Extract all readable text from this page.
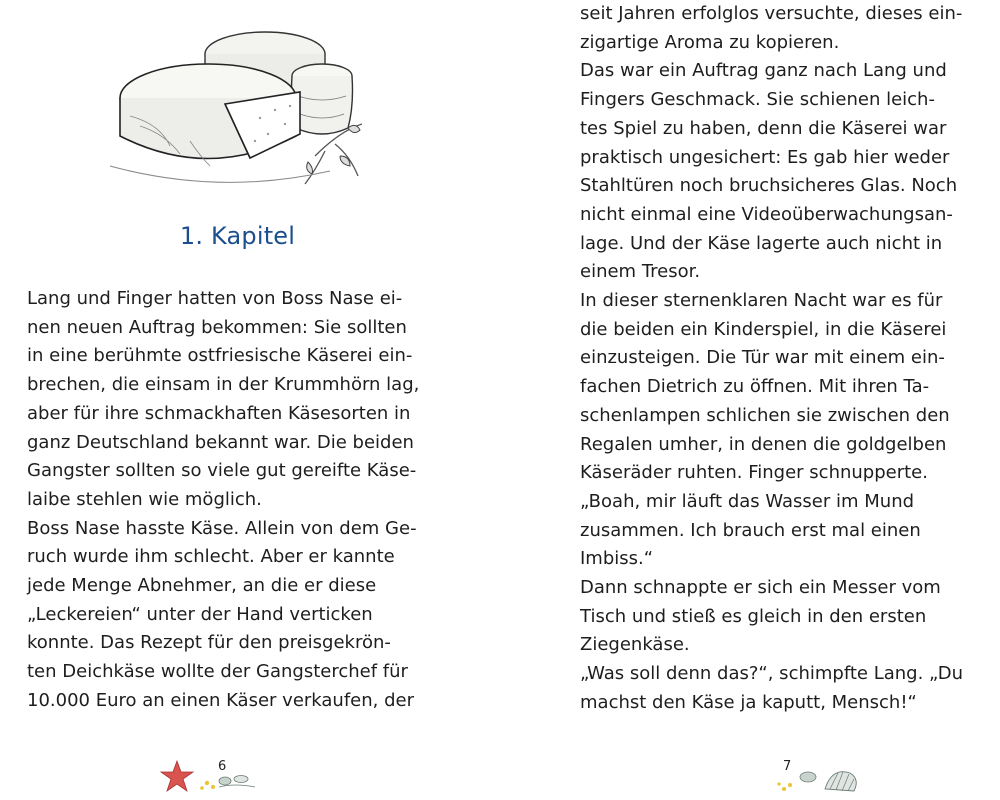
1. Kapitel
Lang und Finger hatten von Boss Nase ei-
nen neuen Auftrag bekommen: Sie sollten
in eine berühmte ostfriesische Käserei ein-
brechen, die einsam in der Krummhörn lag,
aber für ihre schmackhaften Käsesorten in
ganz Deutschland bekannt war. Die beiden
Gangster sollten so viele gut gereifte Käse-
laibe stehlen wie möglich.
Boss Nase hasste Käse. Allein von dem Ge-
ruch wurde ihm schlecht. Aber er kannte
jede Menge Abnehmer, an die er diese
„Leckereien“ unter der Hand verticken
konnte. Das Rezept für den preisgekrön-
ten Deichkäse wollte der Gangsterchef für
10.000 Euro an einen Käser verkaufen, der
6
seit Jahren erfolglos versuchte, dieses ein-
zigartige Aroma zu kopieren.
Das war ein Auftrag ganz nach Lang und
Fingers Geschmack. Sie schienen leich-
tes Spiel zu haben, denn die Käserei war
praktisch ungesichert: Es gab hier weder
Stahltüren noch bruchsicheres Glas. Noch
nicht einmal eine Videoüberwachungsan-
lage. Und der Käse lagerte auch nicht in
einem Tresor.
In dieser sternenklaren Nacht war es für
die beiden ein Kinderspiel, in die Käserei
einzusteigen. Die Tür war mit einem ein-
fachen Dietrich zu öffnen. Mit ihren Ta-
schenlampen schlichen sie zwischen den
Regalen umher, in denen die goldgelben
Käseräder ruhten. Finger schnupperte.
„Boah, mir läuft das Wasser im Mund
zusammen. Ich brauch erst mal einen
Imbiss.“
Dann schnappte er sich ein Messer vom
Tisch und stieß es gleich in den ersten
Ziegenkäse.
„Was soll denn das?“, schimpfte Lang. „Du
machst den Käse ja kaputt, Mensch!“
7
